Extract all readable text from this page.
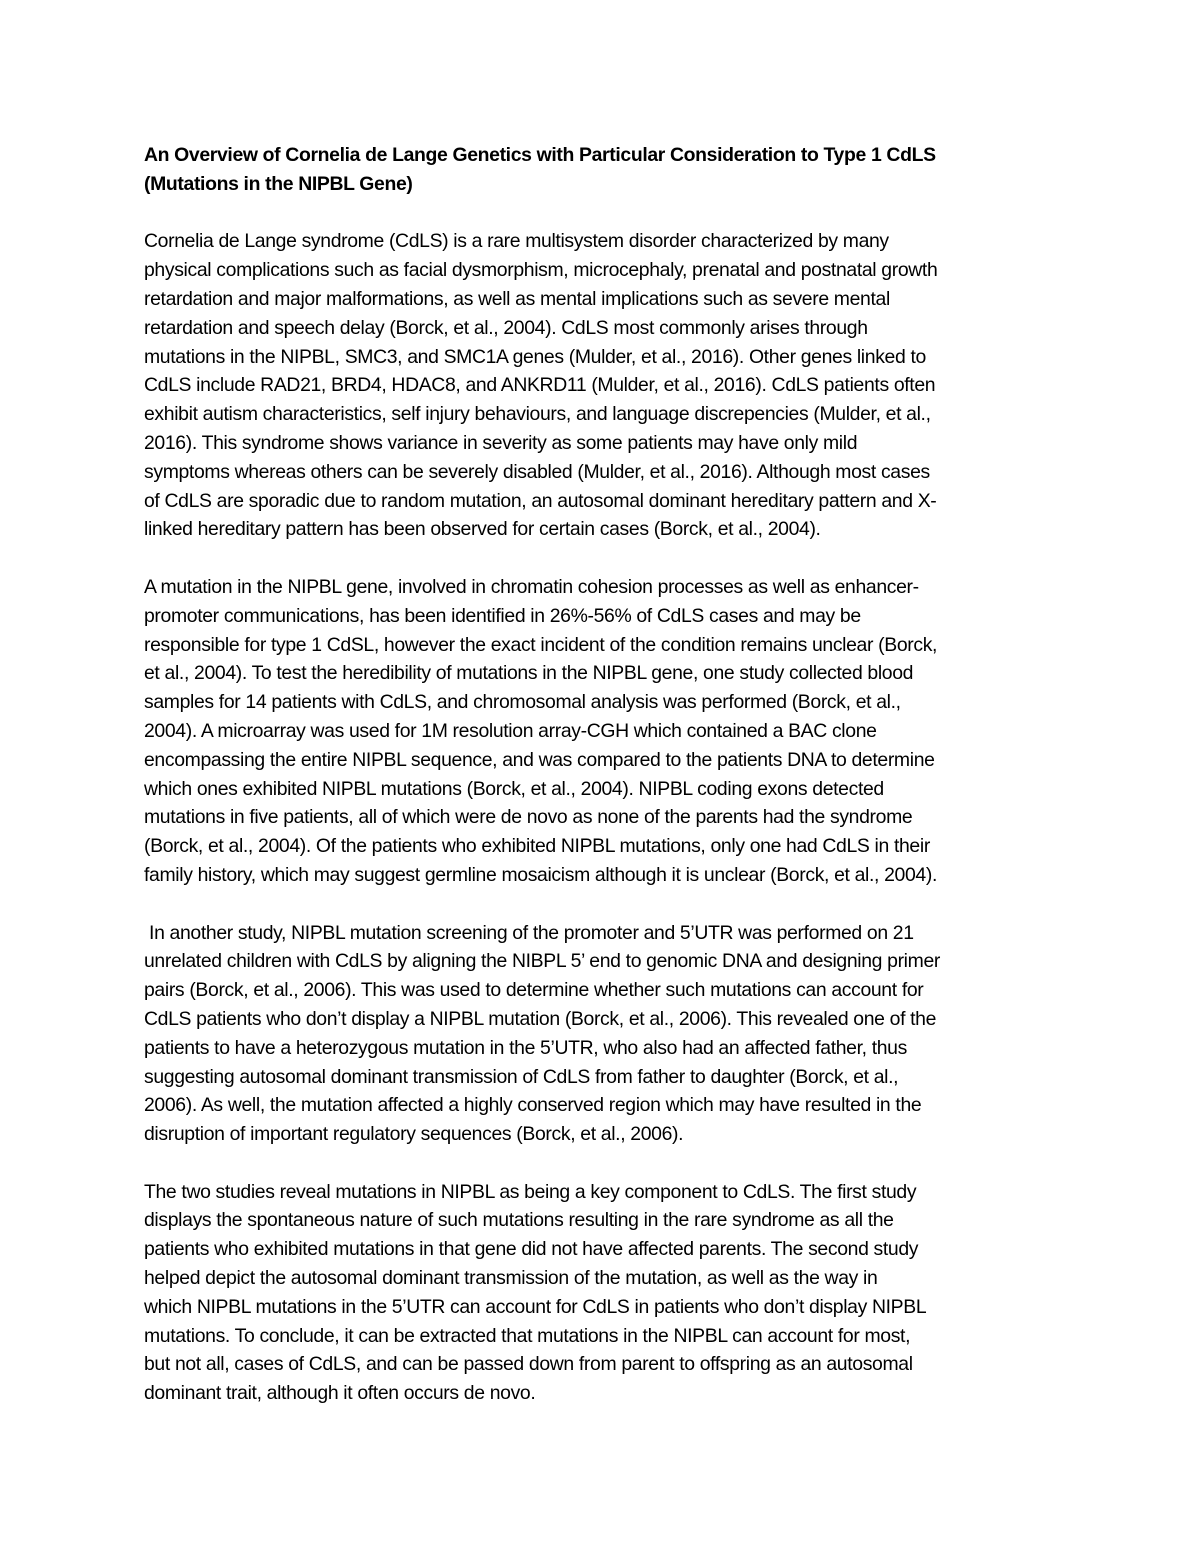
An Overview of Cornelia de Lange Genetics with Particular Consideration to Type 1 CdLS
(Mutations in the NIPBL Gene)
Cornelia de Lange syndrome (CdLS) is a rare multisystem disorder characterized by many
physical complications such as facial dysmorphism, microcephaly, prenatal and postnatal growth
retardation and major malformations, as well as mental implications such as severe mental
retardation and speech delay (Borck, et al., 2004). CdLS most commonly arises through
mutations in the NIPBL, SMC3, and SMC1A genes (Mulder, et al., 2016). Other genes linked to
CdLS include RAD21, BRD4, HDAC8, and ANKRD11 (Mulder, et al., 2016). CdLS patients often
exhibit autism characteristics, self injury behaviours, and language discrepencies (Mulder, et al.,
2016). This syndrome shows variance in severity as some patients may have only mild
symptoms whereas others can be severely disabled (Mulder, et al., 2016). Although most cases
of CdLS are sporadic due to random mutation, an autosomal dominant hereditary pattern and X-
linked hereditary pattern has been observed for certain cases (Borck, et al., 2004).
A mutation in the NIPBL gene, involved in chromatin cohesion processes as well as enhancer-
promoter communications, has been identified in 26%-56% of CdLS cases and may be
responsible for type 1 CdSL, however the exact incident of the condition remains unclear (Borck,
et al., 2004). To test the heredibility of mutations in the NIPBL gene, one study collected blood
samples for 14 patients with CdLS, and chromosomal analysis was performed (Borck, et al.,
2004). A microarray was used for 1M resolution array-CGH which contained a BAC clone
encompassing the entire NIPBL sequence, and was compared to the patients DNA to determine
which ones exhibited NIPBL mutations (Borck, et al., 2004). NIPBL coding exons detected
mutations in five patients, all of which were de novo as none of the parents had the syndrome
(Borck, et al., 2004). Of the patients who exhibited NIPBL mutations, only one had CdLS in their
family history, which may suggest germline mosaicism although it is unclear (Borck, et al., 2004).
In another study, NIPBL mutation screening of the promoter and 5’UTR was performed on 21
unrelated children with CdLS by aligning the NIBPL 5’ end to genomic DNA and designing primer
pairs (Borck, et al., 2006). This was used to determine whether such mutations can account for
CdLS patients who don’t display a NIPBL mutation (Borck, et al., 2006). This revealed one of the
patients to have a heterozygous mutation in the 5’UTR, who also had an affected father, thus
suggesting autosomal dominant transmission of CdLS from father to daughter (Borck, et al.,
2006). As well, the mutation affected a highly conserved region which may have resulted in the
disruption of important regulatory sequences (Borck, et al., 2006).
The two studies reveal mutations in NIPBL as being a key component to CdLS. The first study
displays the spontaneous nature of such mutations resulting in the rare syndrome as all the
patients who exhibited mutations in that gene did not have affected parents. The second study
helped depict the autosomal dominant transmission of the mutation, as well as the way in
which NIPBL mutations in the 5’UTR can account for CdLS in patients who don’t display NIPBL
mutations. To conclude, it can be extracted that mutations in the NIPBL can account for most,
but not all, cases of CdLS, and can be passed down from parent to offspring as an autosomal
dominant trait, although it often occurs de novo.
